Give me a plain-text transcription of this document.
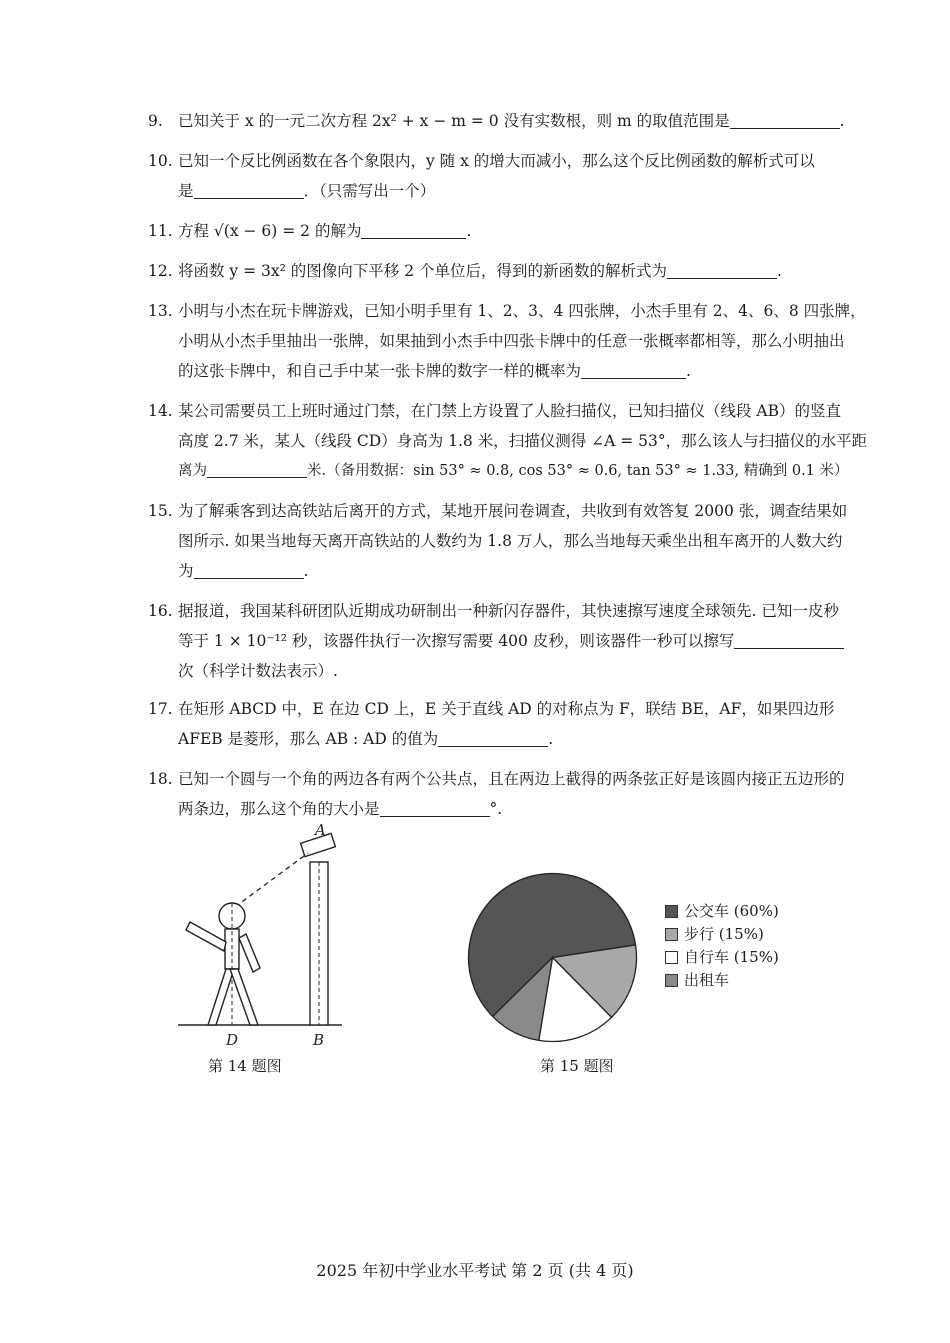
9. 已知关于 x 的一元二次方程 2x² + x − m = 0 没有实数根，则 m 的取值范围是	.
10. 已知一个反比例函数在各个象限内，y 随 x 的增大而减小，那么这个反比例函数的解析式可以
是	．（只需写出一个）
11. 方程 √(x − 6) = 2 的解为	.
12. 将函数 y = 3x² 的图像向下平移 2 个单位后，得到的新函数的解析式为	.
13. 小明与小杰在玩卡牌游戏，已知小明手里有 1、2、3、4 四张牌，小杰手里有 2、4、6、8 四张牌，
小明从小杰手里抽出一张牌，如果抽到小杰手中四张卡牌中的任意一张概率都相等，那么小明抽出
的这张卡牌中，和自己手中某一张卡牌的数字一样的概率为	.
14. 某公司需要员工上班时通过门禁，在门禁上方设置了人脸扫描仪，已知扫描仪（线段 AB）的竖直
高度 2.7 米，某人（线段 CD）身高为 1.8 米，扫描仪测得 ∠A = 53°，那么该人与扫描仪的水平距
离为	米.（备用数据：sin 53° ≈ 0.8, cos 53° ≈ 0.6, tan 53° ≈ 1.33, 精确到 0.1 米）
15. 为了解乘客到达高铁站后离开的方式，某地开展问卷调查，共收到有效答复 2000 张，调查结果如
图所示. 如果当地每天离开高铁站的人数约为 1.8 万人，那么当地每天乘坐出租车离开的人数大约
为	.
16. 据报道，我国某科研团队近期成功研制出一种新闪存器件，其快速擦写速度全球领先. 已知一皮秒
等于 1 × 10⁻¹² 秒，该器件执行一次擦写需要 400 皮秒，则该器件一秒可以擦写
次（科学计数法表示）.
17. 在矩形 ABCD 中，E 在边 CD 上，E 关于直线 AD 的对称点为 F，联结 BE，AF，如果四边形
AFEB 是菱形，那么 AB : AD 的值为	.
18. 已知一个圆与一个角的两边各有两个公共点，且在两边上截得的两条弦正好是该圆内接正五边形的
两条边，那么这个角的大小是	°.
A
D	B
第 14 题图
公交车 (60%)
步行 (15%)
自行车 (15%)
出租车
第 15 题图
2025 年初中学业水平考试 第 2 页 (共 4 页)
